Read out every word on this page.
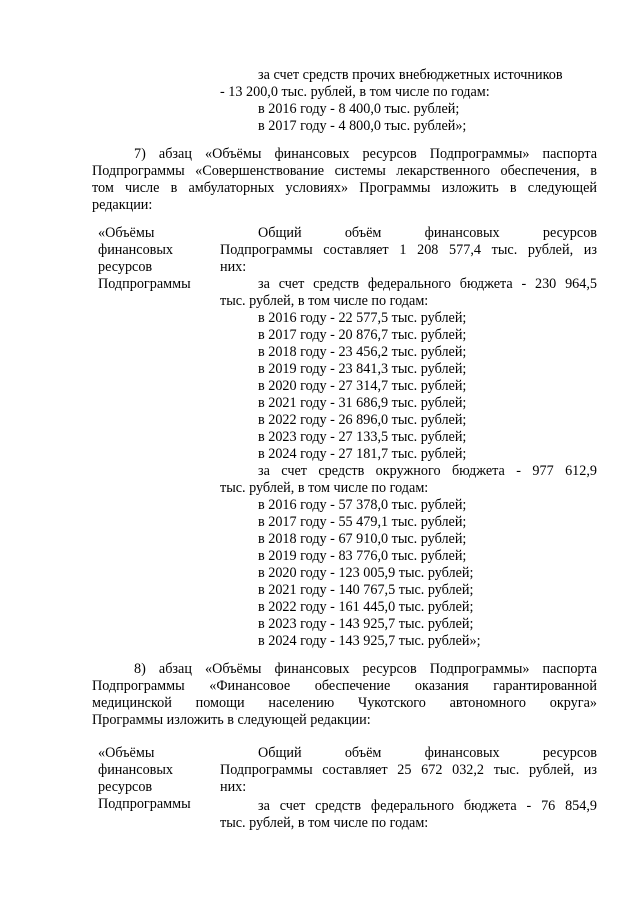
за счет средств прочих внебюджетных источников
- 13 200,0 тыс. рублей, в том числе по годам:
в 2016 году - 8 400,0 тыс. рублей;
в 2017 году - 4 800,0 тыс. рублей»;
7) абзац «Объёмы финансовых ресурсов Подпрограммы» паспорта
Подпрограммы «Совершенствование системы лекарственного обеспечения, в
том числе в амбулаторных условиях» Программы изложить в следующей
редакции:
«Объёмы
финансовых
ресурсов
Подпрограммы
Общий объём финансовых ресурсов
Подпрограммы составляет 1 208 577,4 тыс. рублей, из
них:
за счет средств федерального бюджета - 230 964,5
тыс. рублей, в том числе по годам:
в 2016 году - 22 577,5 тыс. рублей;
в 2017 году - 20 876,7 тыс. рублей;
в 2018 году - 23 456,2 тыс. рублей;
в 2019 году - 23 841,3 тыс. рублей;
в 2020 году - 27 314,7 тыс. рублей;
в 2021 году - 31 686,9 тыс. рублей;
в 2022 году - 26 896,0 тыс. рублей;
в 2023 году - 27 133,5 тыс. рублей;
в 2024 году - 27 181,7 тыс. рублей;
за счет средств окружного бюджета - 977 612,9
тыс. рублей, в том числе по годам:
в 2016 году - 57 378,0 тыс. рублей;
в 2017 году - 55 479,1 тыс. рублей;
в 2018 году - 67 910,0 тыс. рублей;
в 2019 году - 83 776,0 тыс. рублей;
в 2020 году - 123 005,9 тыс. рублей;
в 2021 году - 140 767,5 тыс. рублей;
в 2022 году - 161 445,0 тыс. рублей;
в 2023 году - 143 925,7 тыс. рублей;
в 2024 году - 143 925,7 тыс. рублей»;
8) абзац «Объёмы финансовых ресурсов Подпрограммы» паспорта
Подпрограммы «Финансовое обеспечение оказания гарантированной
медицинской помощи населению Чукотского автономного округа»
Программы изложить в следующей редакции:
«Объёмы
финансовых
ресурсов
Подпрограммы
Общий объём финансовых ресурсов
Подпрограммы составляет 25 672 032,2 тыс. рублей, из
них:
за счет средств федерального бюджета - 76 854,9
тыс. рублей, в том числе по годам:
